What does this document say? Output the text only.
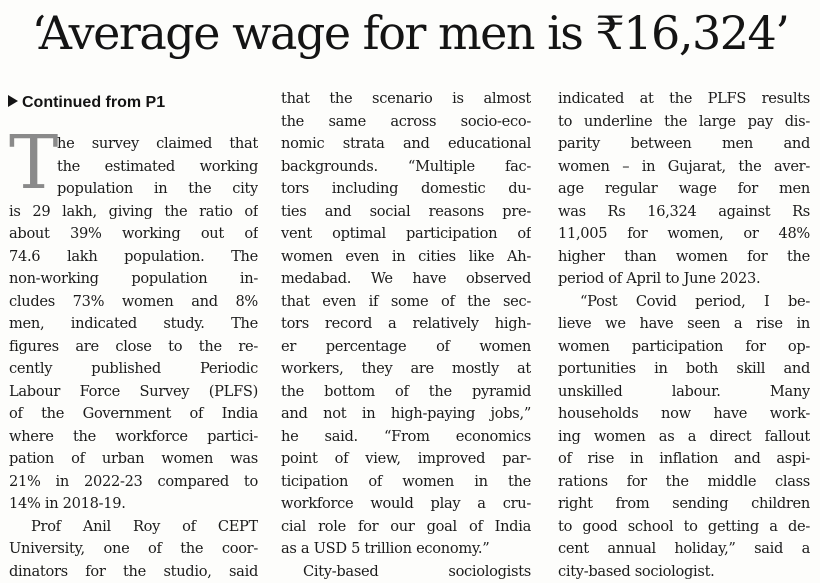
‘Average wage for men is ₹16,324’
Continued from P1
T
he survey claimed that
the estimated working
population in the city
is 29 lakh, giving the ratio of
about 39% working out of
74.6 lakh population. The
non-working population in-
cludes 73% women and 8%
men, indicated study. The
figures are close to the re-
cently published Periodic
Labour Force Survey (PLFS)
of the Government of India
where the workforce partici-
pation of urban women was
21% in 2022-23 compared to
14% in 2018-19.
Prof Anil Roy of CEPT
University, one of the coor-
dinators for the studio, said
that the scenario is almost
the same across socio-eco-
nomic strata and educational
backgrounds. “Multiple fac-
tors including domestic du-
ties and social reasons pre-
vent optimal participation of
women even in cities like Ah-
medabad. We have observed
that even if some of the sec-
tors record a relatively high-
er percentage of women
workers, they are mostly at
the bottom of the pyramid
and not in high-paying jobs,”
he said. “From economics
point of view, improved par-
ticipation of women in the
workforce would play a cru-
cial role for our goal of India
as a USD 5 trillion economy.”
City-based sociologists
indicated at the PLFS results
to underline the large pay dis-
parity between men and
women – in Gujarat, the aver-
age regular wage for men
was Rs 16,324 against Rs
11,005 for women, or 48%
higher than women for the
period of April to June 2023.
“Post Covid period, I be-
lieve we have seen a rise in
women participation for op-
portunities in both skill and
unskilled labour. Many
households now have work-
ing women as a direct fallout
of rise in inflation and aspi-
rations for the middle class
right from sending children
to good school to getting a de-
cent annual holiday,” said a
city-based sociologist.
